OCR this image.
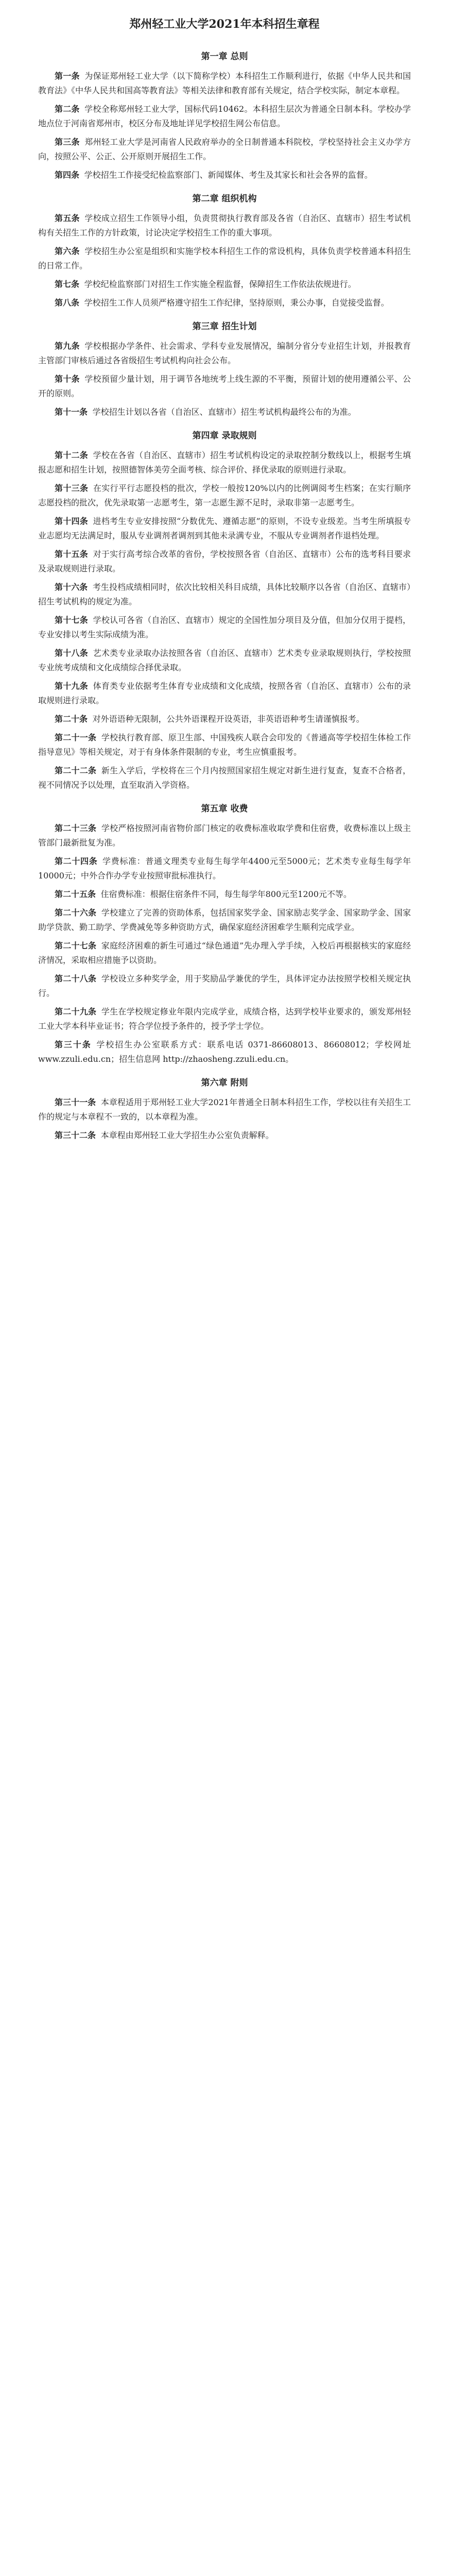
郑州轻工业大学2021年本科招生章程
第一章 总则

第一条 为保证郑州轻工业大学（以下简称学校）本科招生工作顺利进行，依据《中华人民共和国教育法》《中华人民共和国高等教育法》等相关法律和教育部有关规定，结合学校实际，制定本章程。

第二条 学校全称郑州轻工业大学，国标代码10462。本科招生层次为普通全日制本科。学校办学地点位于河南省郑州市，校区分布及地址详见学校招生网公布信息。

第三条 郑州轻工业大学是河南省人民政府举办的全日制普通本科院校，学校坚持社会主义办学方向，按照公平、公正、公开原则开展招生工作。

第四条 学校招生工作接受纪检监察部门、新闻媒体、考生及其家长和社会各界的监督。

第二章 组织机构

第五条 学校成立招生工作领导小组，负责贯彻执行教育部及各省（自治区、直辖市）招生考试机构有关招生工作的方针政策，讨论决定学校招生工作的重大事项。

第六条 学校招生办公室是组织和实施学校本科招生工作的常设机构，具体负责学校普通本科招生的日常工作。

第七条 学校纪检监察部门对招生工作实施全程监督，保障招生工作依法依规进行。

第八条 学校招生工作人员须严格遵守招生工作纪律，坚持原则，秉公办事，自觉接受监督。

第三章 招生计划

第九条 学校根据办学条件、社会需求、学科专业发展情况，编制分省分专业招生计划，并报教育主管部门审核后通过各省级招生考试机构向社会公布。

第十条 学校预留少量计划，用于调节各地统考上线生源的不平衡，预留计划的使用遵循公平、公开的原则。

第十一条 学校招生计划以各省（自治区、直辖市）招生考试机构最终公布的为准。

第四章 录取规则

第十二条 学校在各省（自治区、直辖市）招生考试机构设定的录取控制分数线以上，根据考生填报志愿和招生计划，按照德智体美劳全面考核、综合评价、择优录取的原则进行录取。

第十三条 在实行平行志愿投档的批次，学校一般按120%以内的比例调阅考生档案；在实行顺序志愿投档的批次，优先录取第一志愿考生，第一志愿生源不足时，录取非第一志愿考生。

第十四条 进档考生专业安排按照“分数优先、遵循志愿”的原则，不设专业级差。当考生所填报专业志愿均无法满足时，服从专业调剂者调剂到其他未录满专业，不服从专业调剂者作退档处理。

第十五条 对于实行高考综合改革的省份，学校按照各省（自治区、直辖市）公布的选考科目要求及录取规则进行录取。

第十六条 考生投档成绩相同时，依次比较相关科目成绩，具体比较顺序以各省（自治区、直辖市）招生考试机构的规定为准。

第十七条 学校认可各省（自治区、直辖市）规定的全国性加分项目及分值，但加分仅用于提档，专业安排以考生实际成绩为准。

第十八条 艺术类专业录取办法按照各省（自治区、直辖市）艺术类专业录取规则执行，学校按照专业统考成绩和文化成绩综合择优录取。

第十九条 体育类专业依据考生体育专业成绩和文化成绩，按照各省（自治区、直辖市）公布的录取规则进行录取。

第二十条 对外语语种无限制，公共外语课程开设英语，非英语语种考生请谨慎报考。

第二十一条 学校执行教育部、原卫生部、中国残疾人联合会印发的《普通高等学校招生体检工作指导意见》等相关规定，对于有身体条件限制的专业，考生应慎重报考。

第二十二条 新生入学后，学校将在三个月内按照国家招生规定对新生进行复查，复查不合格者，视不同情况予以处理，直至取消入学资格。

第五章 收费

第二十三条 学校严格按照河南省物价部门核定的收费标准收取学费和住宿费，收费标准以上级主管部门最新批复为准。

第二十四条 学费标准：普通文理类专业每生每学年4400元至5000元；艺术类专业每生每学年10000元；中外合作办学专业按照审批标准执行。

第二十五条 住宿费标准：根据住宿条件不同，每生每学年800元至1200元不等。

第二十六条 学校建立了完善的资助体系，包括国家奖学金、国家励志奖学金、国家助学金、国家助学贷款、勤工助学、学费减免等多种资助方式，确保家庭经济困难学生顺利完成学业。

第二十七条 家庭经济困难的新生可通过“绿色通道”先办理入学手续，入校后再根据核实的家庭经济情况，采取相应措施予以资助。

第二十八条 学校设立多种奖学金，用于奖励品学兼优的学生，具体评定办法按照学校相关规定执行。

第二十九条 学生在学校规定修业年限内完成学业，成绩合格，达到学校毕业要求的，颁发郑州轻工业大学本科毕业证书；符合学位授予条件的，授予学士学位。

第三十条 学校招生办公室联系方式：联系电话 0371-86608013、86608012；学校网址 www.zzuli.edu.cn；招生信息网 http://zhaosheng.zzuli.edu.cn。

第六章 附则

第三十一条 本章程适用于郑州轻工业大学2021年普通全日制本科招生工作，学校以往有关招生工作的规定与本章程不一致的，以本章程为准。

第三十二条 本章程由郑州轻工业大学招生办公室负责解释。
